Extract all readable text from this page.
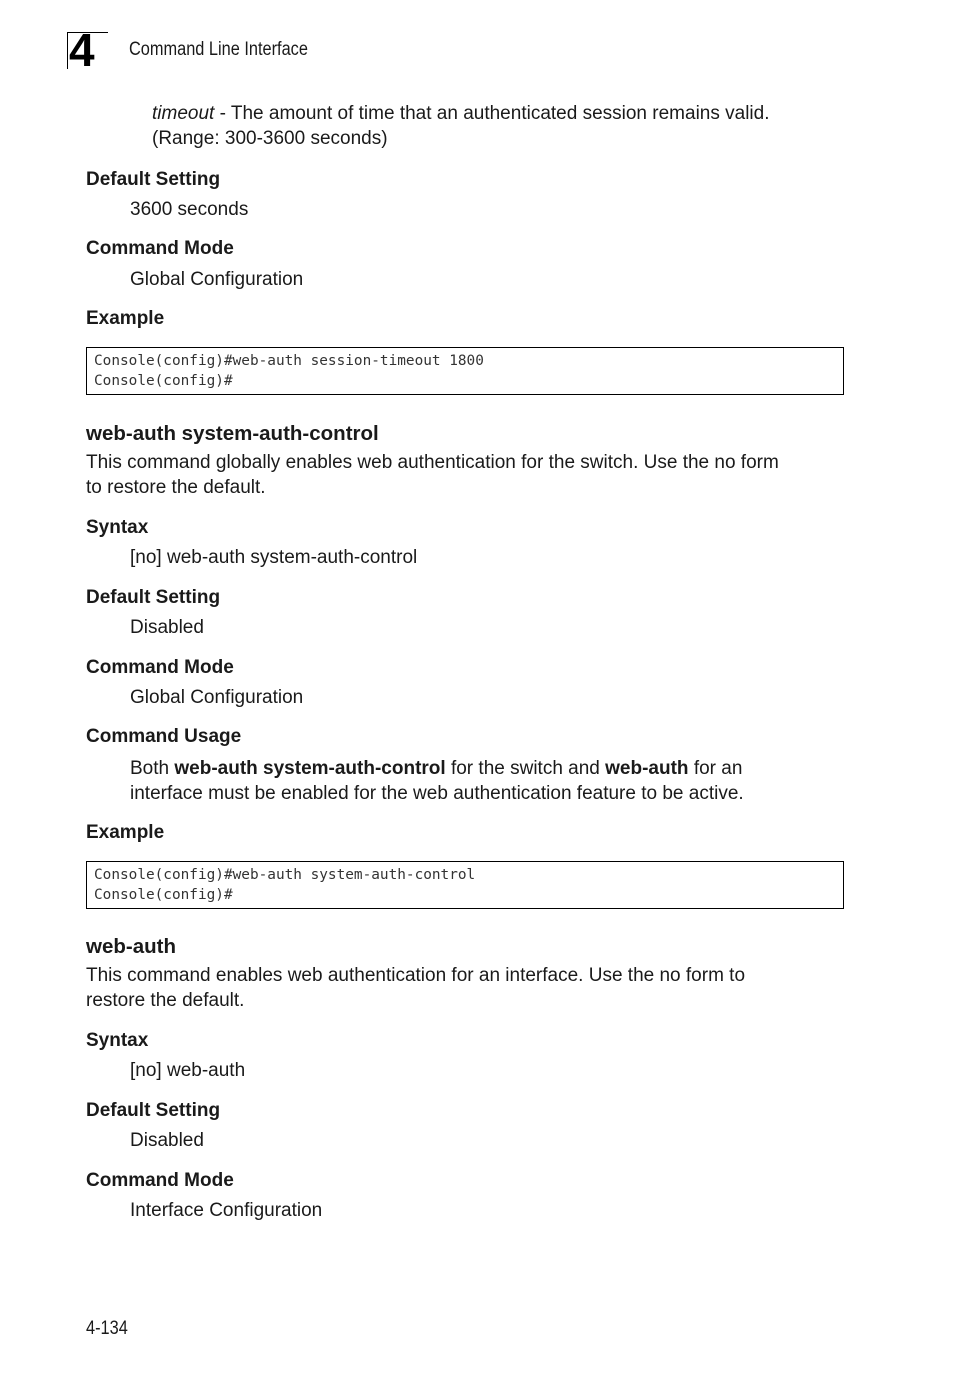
4 Command Line Interface
timeout - The amount of time that an authenticated session remains valid.
(Range: 300-3600 seconds)
Default Setting
3600 seconds
Command Mode
Global Configuration
Example
Console(config)#web-auth session-timeout 1800
Console(config)#
web-auth system-auth-control
This command globally enables web authentication for the switch. Use the no form
to restore the default.
Syntax
[no] web-auth system-auth-control
Default Setting
Disabled
Command Mode
Global Configuration
Command Usage
Both web-auth system-auth-control for the switch and web-auth for an
interface must be enabled for the web authentication feature to be active.
Example
Console(config)#web-auth system-auth-control
Console(config)#
web-auth
This command enables web authentication for an interface. Use the no form to
restore the default.
Syntax
[no] web-auth
Default Setting
Disabled
Command Mode
Interface Configuration
4-134
